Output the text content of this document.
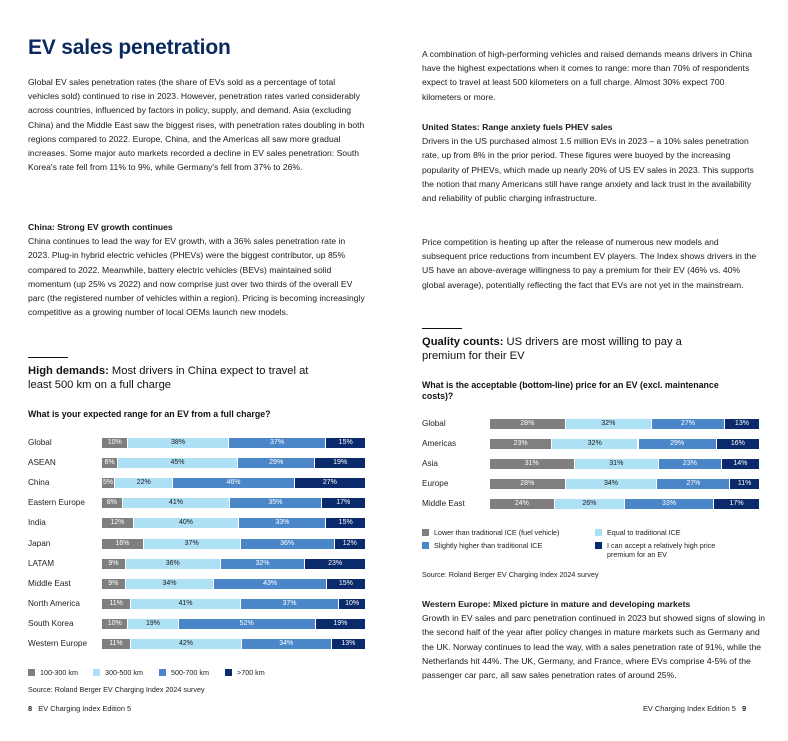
EV sales penetration

Global EV sales penetration rates (the share of EVs sold as a percentage of total vehicles sold) continued to rise in 2023. However, penetration rates varied considerably across countries, influenced by factors in policy, supply, and demand. Asia (excluding China) and the Middle East saw the biggest rises, with penetration rates doubling in both regions compared to 2022. Europe, China, and the Americas all saw more gradual increases. Some major auto markets recorded a decline in EV sales penetration: South Korea's rate fell from 11% to 9%, while Germany's fell from 37% to 26%.

China: Strong EV growth continues
China continues to lead the way for EV growth, with a 36% sales penetration rate in 2023. Plug-in hybrid electric vehicles (PHEVs) were the biggest contributor, up 85% compared to 2022. Meanwhile, battery electric vehicles (BEVs) maintained solid momentum (up 25% vs 2022) and now comprise just over two thirds of the overall EV parc (the registered number of vehicles within a region). Pricing is becoming increasingly competitive as a growing number of local OEMs launch new models.

High demands: Most drivers in China expect to travel at least 500 km on a full charge

What is your expected range for an EV from a full charge?

Global	10%	38%	37%	15%
ASEAN	6%	45%	29%	19%
China	5%	22%	46%	27%
Eastern Europe	8%	41%	35%	17%
India	12%	40%	33%	15%
Japan	16%	37%	36%	12%
LATAM	9%	36%	32%	23%
Middle East	9%	34%	43%	15%
North America	11%	41%	37%	10%
South Korea	10%	19%	52%	19%
Western Europe	11%	42%	34%	13%
100-300 km	300-500 km	500-700 km	>700 km

Source: Roland Berger EV Charging Index 2024 survey

8 EV Charging Index Edition 5

A combination of high-performing vehicles and raised demands means drivers in China have the highest expectations when it comes to range: more than 70% of respondents expect to travel at least 500 kilometers on a full charge. Almost 30% expect 700 kilometers or more.

United States: Range anxiety fuels PHEV sales
Drivers in the US purchased almost 1.5 million EVs in 2023 – a 10% sales penetration rate, up from 8% in the prior period. These figures were buoyed by the increasing popularity of PHEVs, which made up nearly 20% of US EV sales in 2023. This supports the notion that many Americans still have range anxiety and lack trust in the availability and reliability of public charging infrastructure.

Price competition is heating up after the release of numerous new models and subsequent price reductions from incumbent EV players. The Index shows drivers in the US have an above-average willingness to pay a premium for their EV (46% vs. 40% global average), potentially reflecting the fact that EVs are not yet in the mainstream.

Quality counts: US drivers are most willing to pay a premium for their EV

What is the acceptable (bottom-line) price for an EV (excl. maintenance costs)?

Global	28%	32%	27%	13%
Americas	23%	32%	29%	16%
Asia	31%	31%	23%	14%
Europe	28%	34%	27%	11%
Middle East	24%	26%	33%	17%
Lower than traditional ICE (fuel vehicle)	Equal to traditional ICE
Slightly higher than traditional ICE	I can accept a relatively high price premium for an EV

Source: Roland Berger EV Charging Index 2024 survey

Western Europe: Mixed picture in mature and developing markets
Growth in EV sales and parc penetration continued in 2023 but showed signs of slowing in the second half of the year after policy changes in mature markets such as Germany and the UK. Norway continues to lead the way, with a sales penetration rate of 91%, while the Netherlands hit 44%. The UK, Germany, and France, where EVs comprise 4-5% of the passenger car parc, all saw sales penetration rates of around 25%.

EV Charging Index Edition 5 9
